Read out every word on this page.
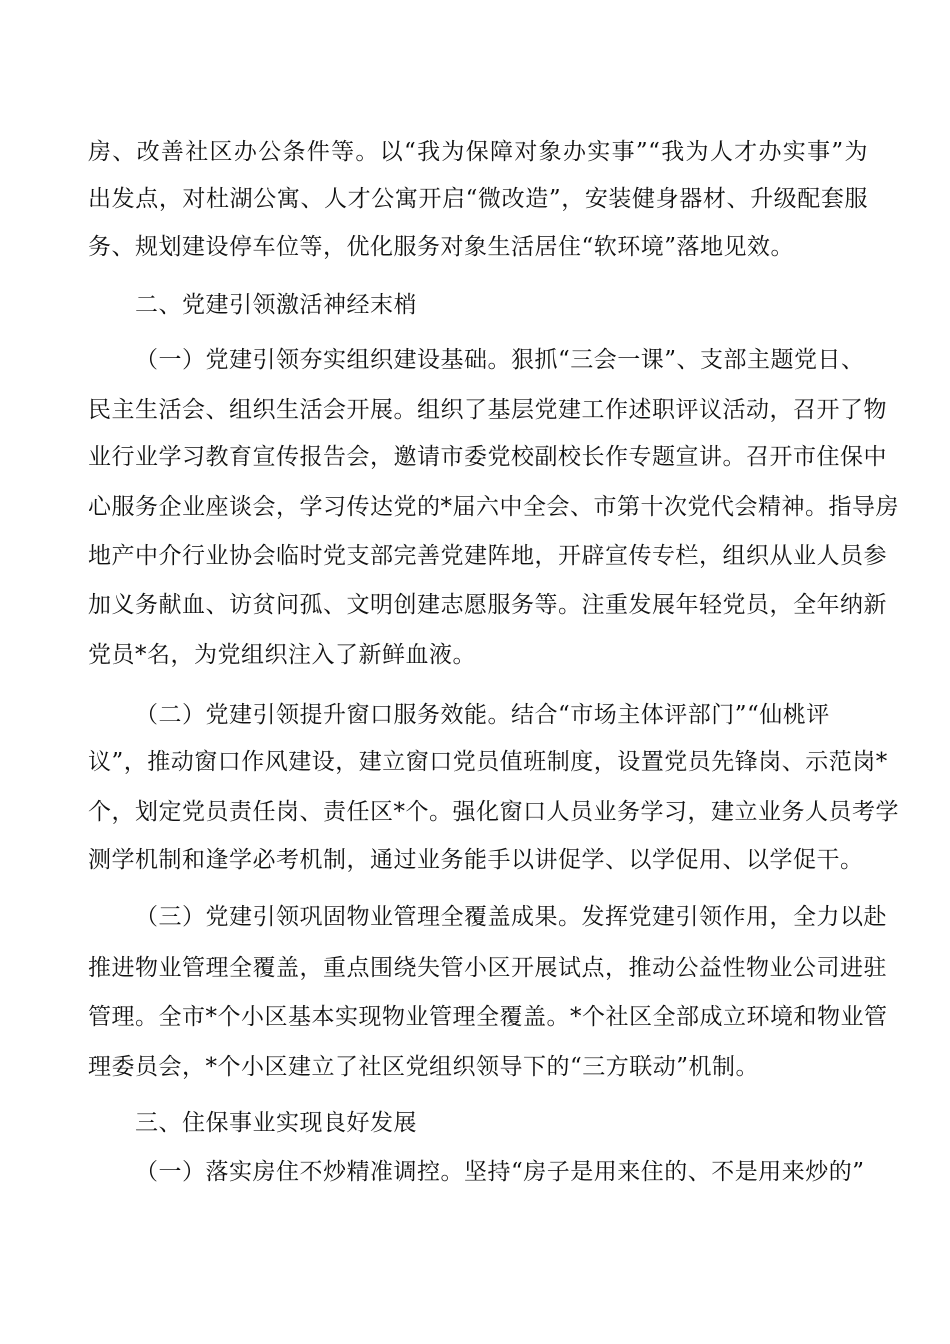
房、改善社区办公条件等。以“我为保障对象办实事”“我为人才办实事”为
出发点，对杜湖公寓、人才公寓开启“微改造”，安装健身器材、升级配套服
务、规划建设停车位等，优化服务对象生活居住“软环境”落地见效。
二、党建引领激活神经末梢
（一）党建引领夯实组织建设基础。狠抓“三会一课”、支部主题党日、
民主生活会、组织生活会开展。组织了基层党建工作述职评议活动，召开了物
业行业学习教育宣传报告会，邀请市委党校副校长作专题宣讲。召开市住保中
心服务企业座谈会，学习传达党的*届六中全会、市第十次党代会精神。指导房
地产中介行业协会临时党支部完善党建阵地，开辟宣传专栏，组织从业人员参
加义务献血、访贫问孤、文明创建志愿服务等。注重发展年轻党员，全年纳新
党员*名，为党组织注入了新鲜血液。
（二）党建引领提升窗口服务效能。结合“市场主体评部门”“仙桃评
议”，推动窗口作风建设，建立窗口党员值班制度，设置党员先锋岗、示范岗*
个，划定党员责任岗、责任区*个。强化窗口人员业务学习，建立业务人员考学
测学机制和逢学必考机制，通过业务能手以讲促学、以学促用、以学促干。
（三）党建引领巩固物业管理全覆盖成果。发挥党建引领作用，全力以赴
推进物业管理全覆盖，重点围绕失管小区开展试点，推动公益性物业公司进驻
管理。全市*个小区基本实现物业管理全覆盖。*个社区全部成立环境和物业管
理委员会，*个小区建立了社区党组织领导下的“三方联动”机制。
三、住保事业实现良好发展
（一）落实房住不炒精准调控。坚持“房子是用来住的、不是用来炒的”
